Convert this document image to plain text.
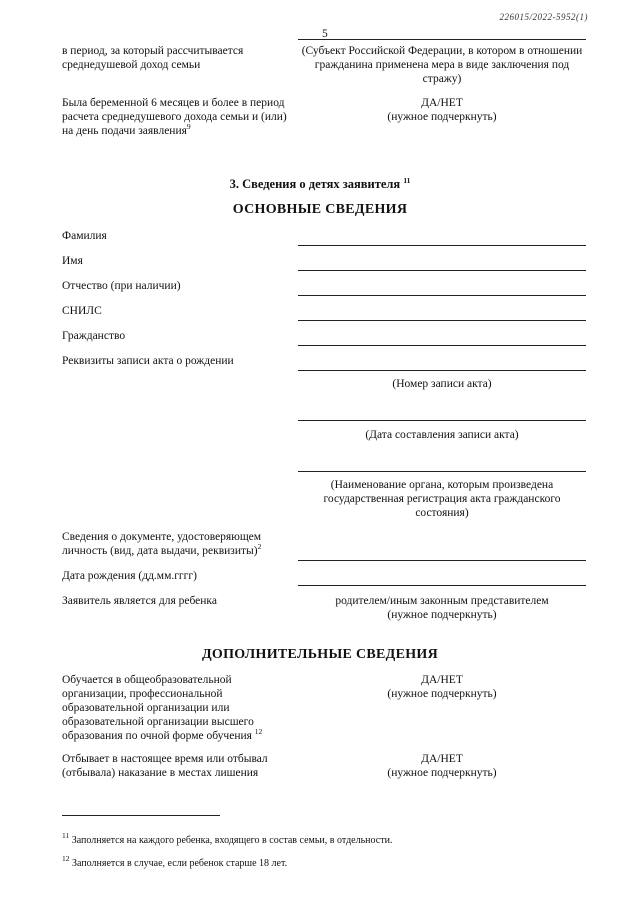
226015/2022-5952(1)
5
в период, за который рассчитывается среднедушевой доход семьи
(Субъект Российской Федерации, в котором в отношении гражданина применена мера в виде заключения под стражу)
Была беременной 6 месяцев и более в период расчета среднедушевого дохода семьи и (или) на день подачи заявления$^9$
ДА/НЕТ
(нужное подчеркнуть)
3. Сведения о детях заявителя $^{11}$
ОСНОВНЫЕ СВЕДЕНИЯ
Фамилия
Имя
Отчество (при наличии)
СНИЛС
Гражданство
Реквизиты записи акта о рождении
(Номер записи акта)
(Дата составления записи акта)
(Наименование органа, которым произведена государственная регистрация акта гражданского состояния)
Сведения о документе, удостоверяющем личность (вид, дата выдачи, реквизиты)$^2$
Дата рождения (дд.мм.гггг)
Заявитель является для ребенка	родителем/иным законным представителем
(нужное подчеркнуть)
ДОПОЛНИТЕЛЬНЫЕ СВЕДЕНИЯ
Обучается в общеобразовательной организации, профессиональной образовательной организации или образовательной организации высшего образования по очной форме обучения $^{12}$
ДА/НЕТ
(нужное подчеркнуть)
Отбывает в настоящее время или отбывал (отбывала) наказание в местах лишения
ДА/НЕТ
(нужное подчеркнуть)
$^{11}$ Заполняется на каждого ребенка, входящего в состав семьи, в отдельности.
$^{12}$ Заполняется в случае, если ребенок старше 18 лет.
